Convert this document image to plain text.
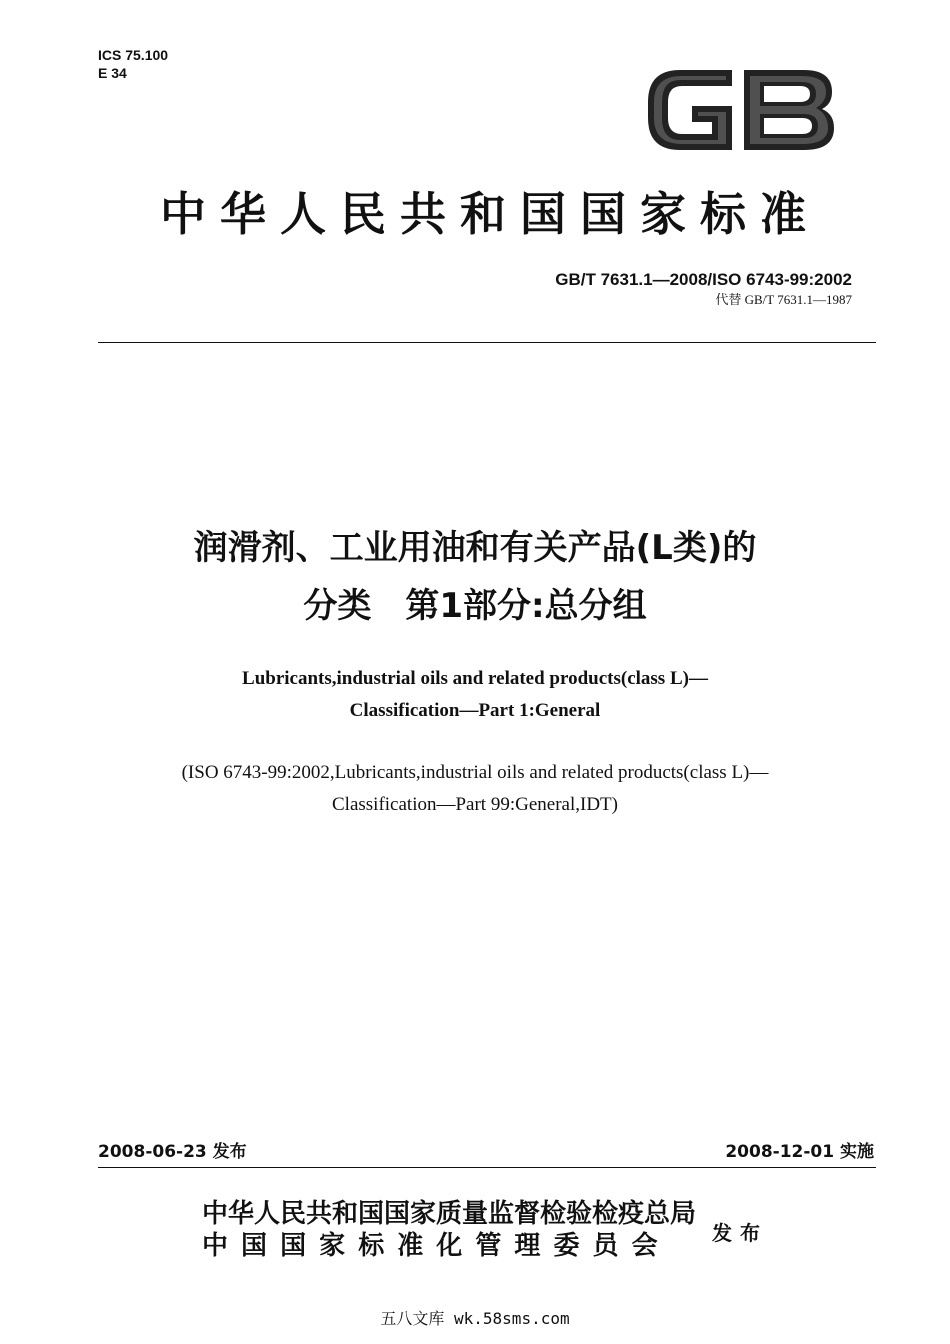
ICS 75.100
E 34
中华人民共和国国家标准
GB/T 7631.1—2008/ISO 6743-99:2002
代替 GB/T 7631.1—1987
润滑剂、工业用油和有关产品(L类)的
分类　第1部分:总分组
Lubricants,industrial oils and related products(class L)—
Classification—Part 1:General
(ISO 6743-99:2002,Lubricants,industrial oils and related products(class L)—
Classification—Part 99:General,IDT)
2008-06-23 发布	2008-12-01 实施
中华人民共和国国家质量监督检验检疫总局
中 国 国 家 标 准 化 管 理 委 员 会	发布
五八文库 wk.58sms.com
